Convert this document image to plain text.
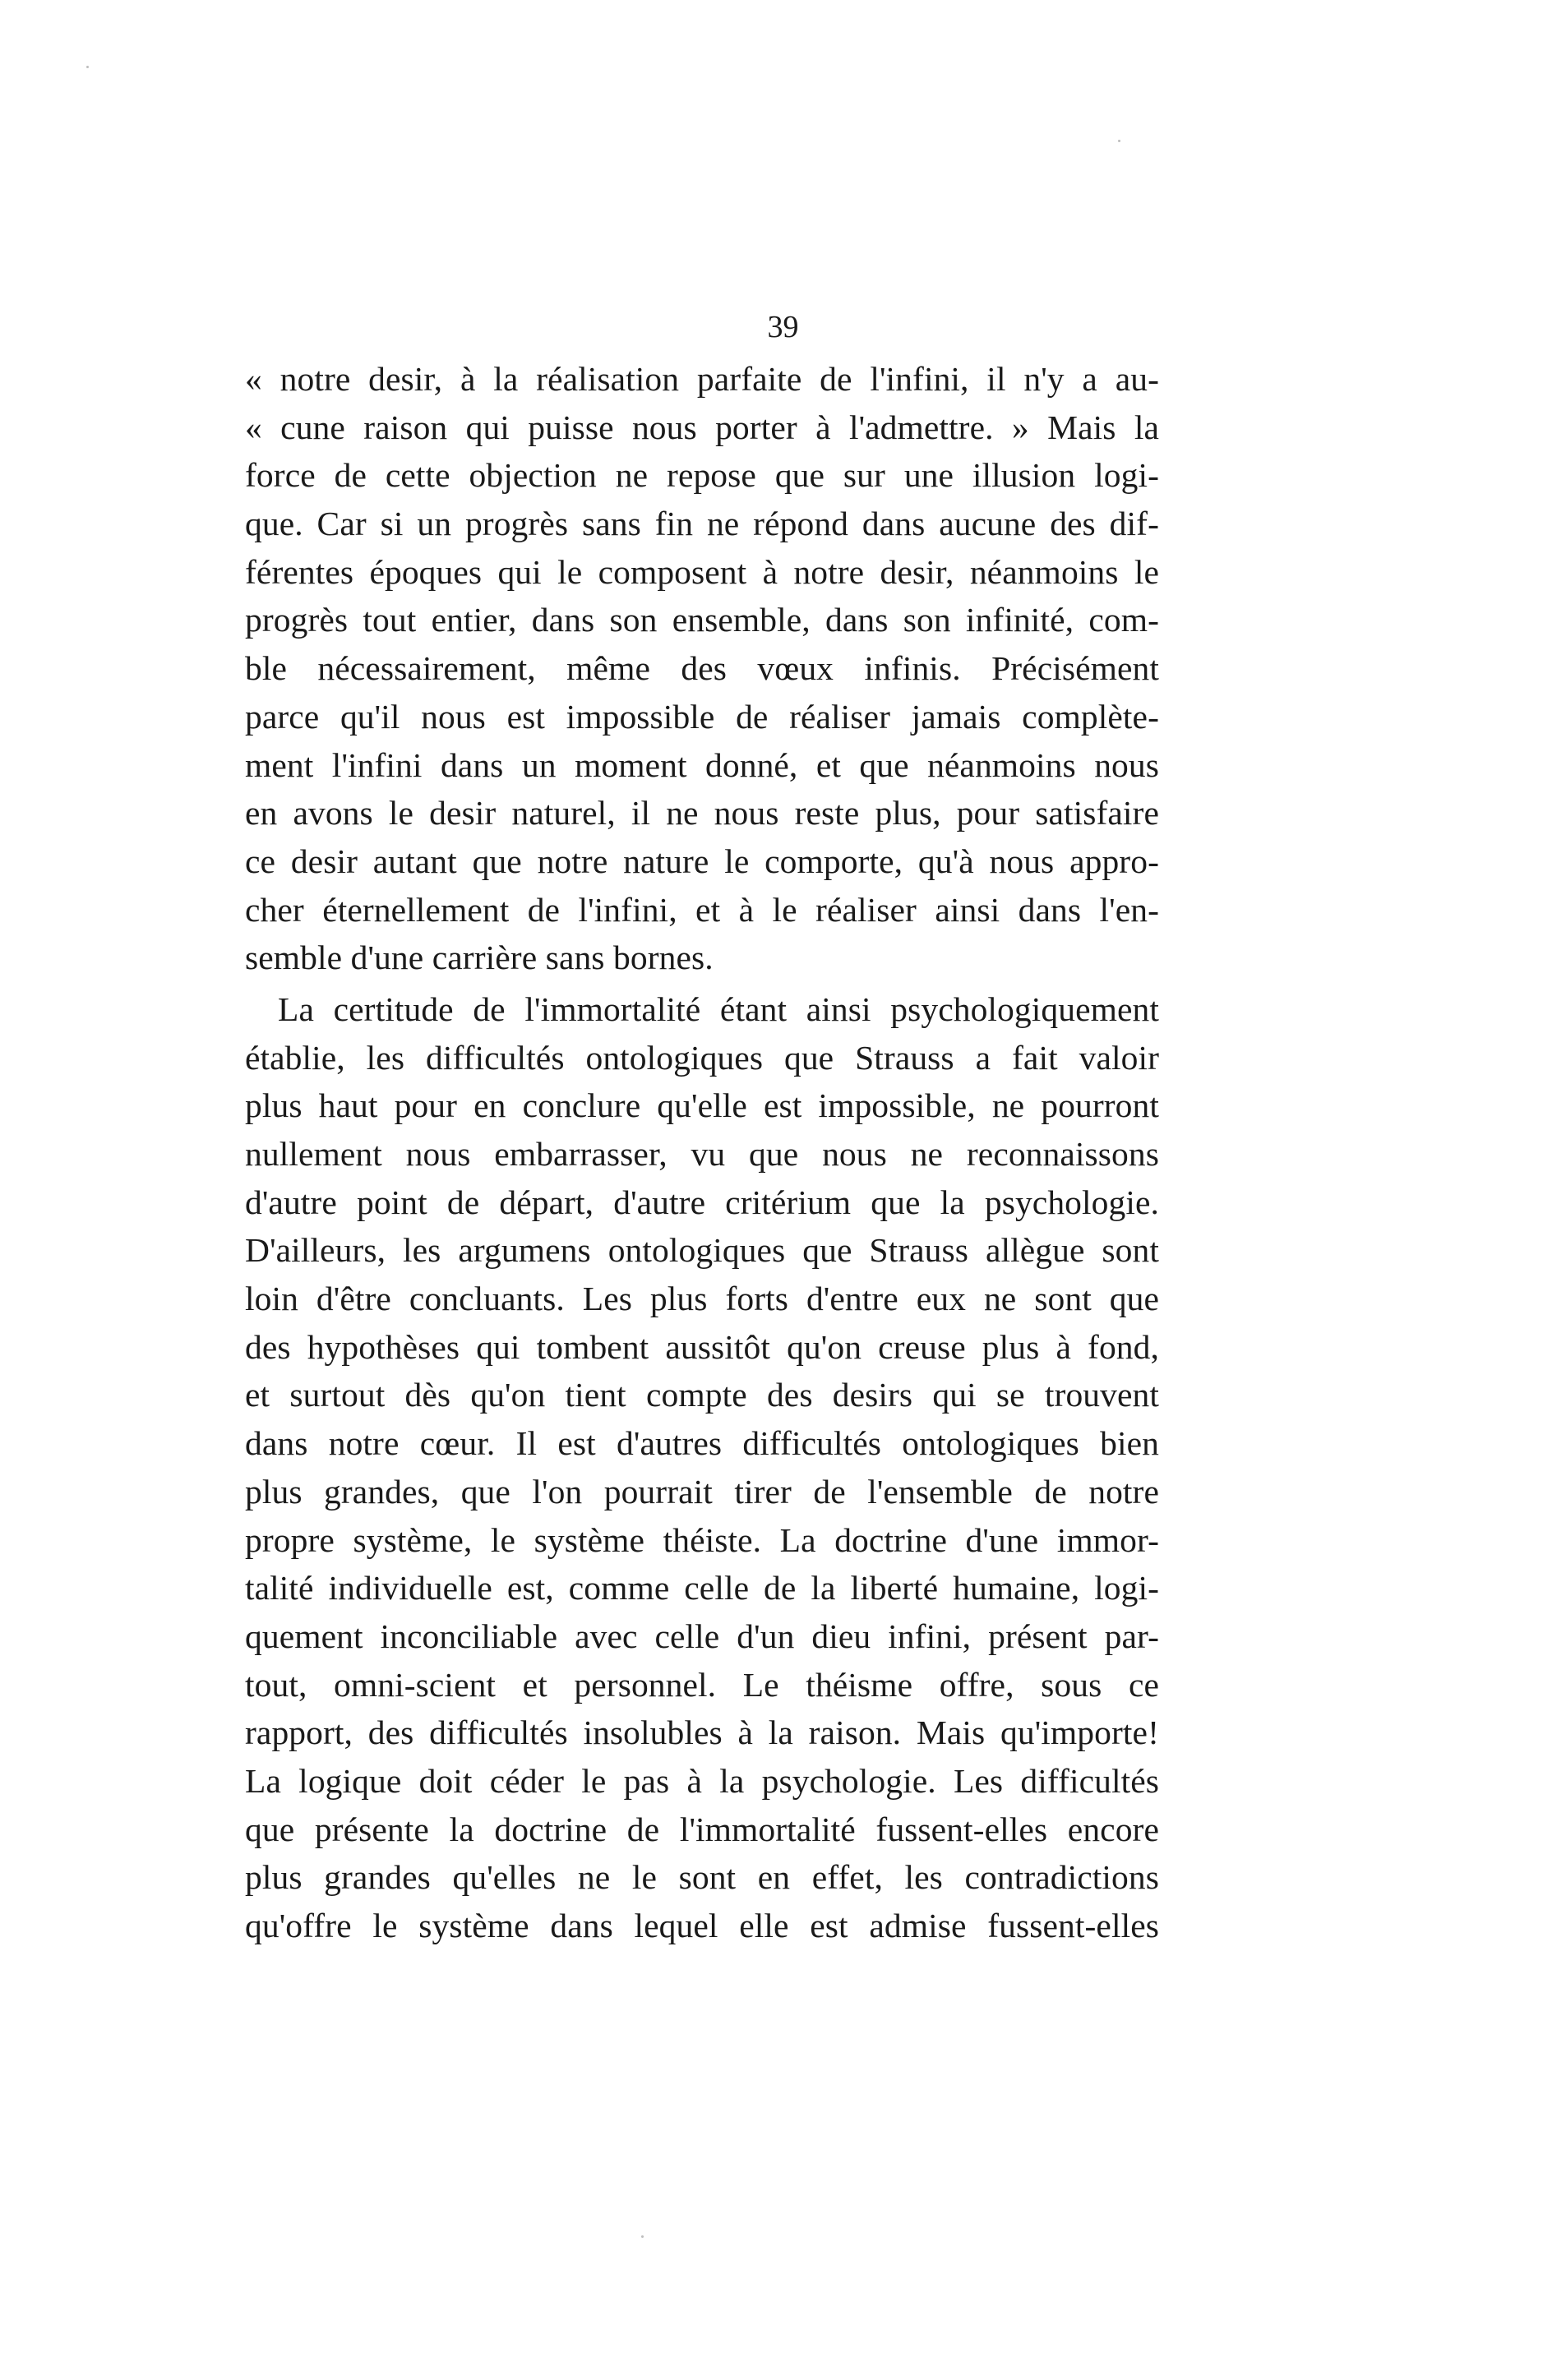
39
« notre desir, à la réalisation parfaite de l'infini, il n'y a au-
« cune raison qui puisse nous porter à l'admettre. » Mais la
force de cette objection ne repose que sur une illusion logi-
que. Car si un progrès sans fin ne répond dans aucune des dif-
férentes époques qui le composent à notre desir, néanmoins le
progrès tout entier, dans son ensemble, dans son infinité, com-
ble nécessairement, même des vœux infinis. Précisément
parce qu'il nous est impossible de réaliser jamais complète-
ment l'infini dans un moment donné, et que néanmoins nous
en avons le desir naturel, il ne nous reste plus, pour satisfaire
ce desir autant que notre nature le comporte, qu'à nous appro-
cher éternellement de l'infini, et à le réaliser ainsi dans l'en-
semble d'une carrière sans bornes.
La certitude de l'immortalité étant ainsi psychologiquement
établie, les difficultés ontologiques que Strauss a fait valoir
plus haut pour en conclure qu'elle est impossible, ne pourront
nullement nous embarrasser, vu que nous ne reconnaissons
d'autre point de départ, d'autre critérium que la psychologie.
D'ailleurs, les argumens ontologiques que Strauss allègue sont
loin d'être concluants. Les plus forts d'entre eux ne sont que
des hypothèses qui tombent aussitôt qu'on creuse plus à fond,
et surtout dès qu'on tient compte des desirs qui se trouvent
dans notre cœur. Il est d'autres difficultés ontologiques bien
plus grandes, que l'on pourrait tirer de l'ensemble de notre
propre système, le système théiste. La doctrine d'une immor-
talité individuelle est, comme celle de la liberté humaine, logi-
quement inconciliable avec celle d'un dieu infini, présent par-
tout, omni-scient et personnel. Le théisme offre, sous ce
rapport, des difficultés insolubles à la raison. Mais qu'importe!
La logique doit céder le pas à la psychologie. Les difficultés
que présente la doctrine de l'immortalité fussent-elles encore
plus grandes qu'elles ne le sont en effet, les contradictions
qu'offre le système dans lequel elle est admise fussent-elles
